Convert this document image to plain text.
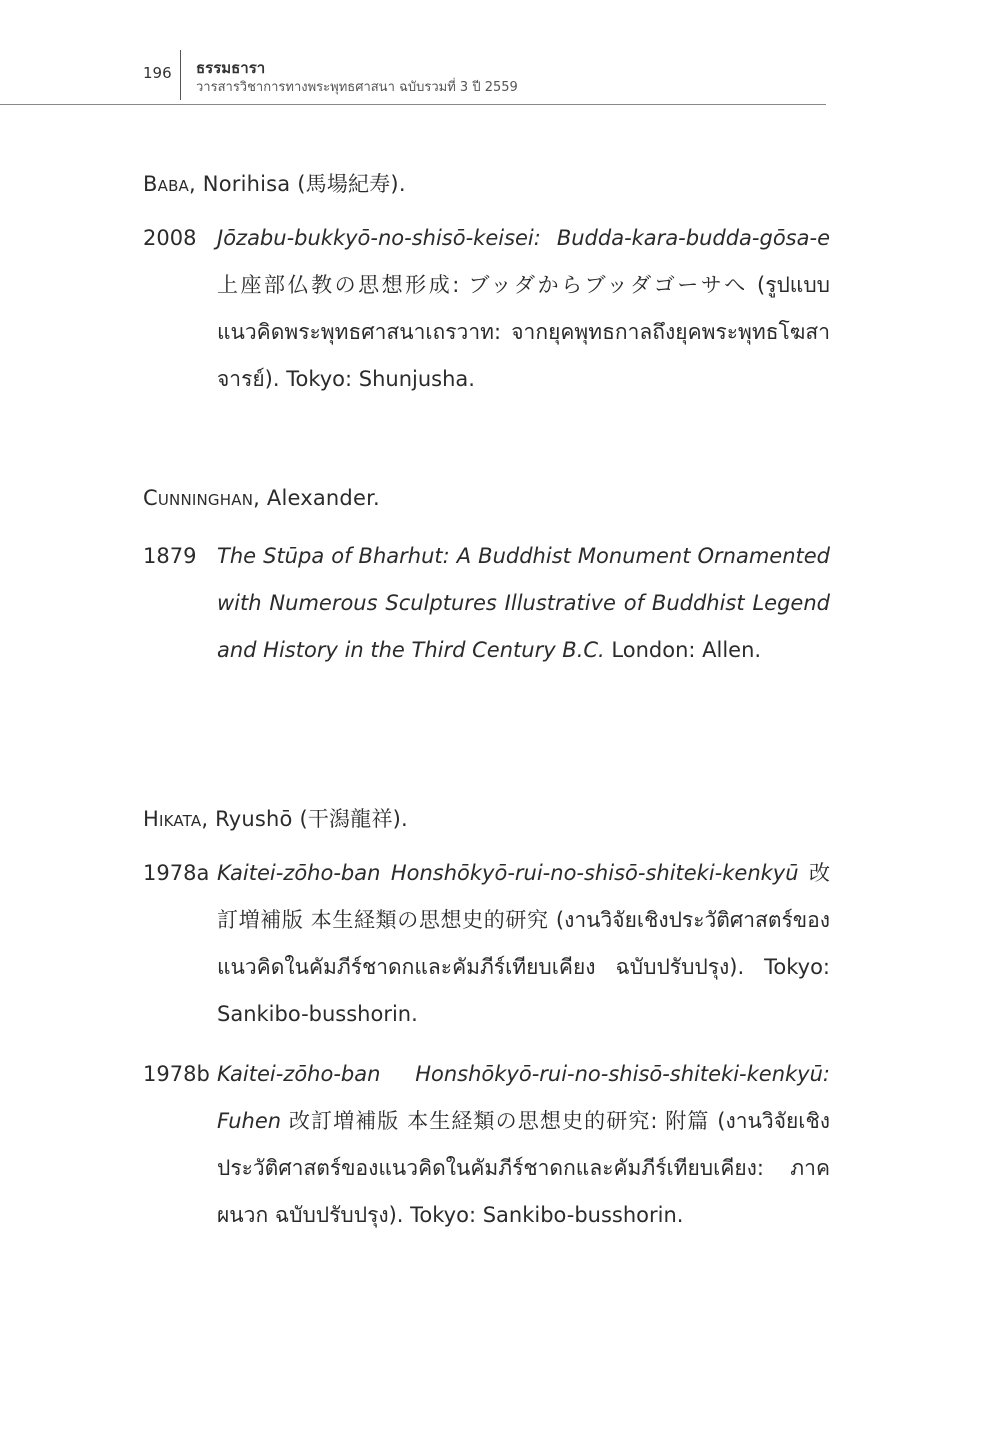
196 ธรรมธารา
วารสารวิชาการทางพระพุทธศาสนา ฉบับรวมที่ 3 ปี 2559
Baba, Norihisa (馬場紀寿).
2008 Jōzabu-bukkyō-no-shisō-keisei: Budda-kara-budda-gōsa-e 上座部仏教の思想形成: ブッダからブッダゴーサへ (รูปแบบแนวคิดพระพุทธศาสนาเถรวาท: จากยุคพุทธกาลถึงยุคพระพุทธโฆสาจารย์). Tokyo: Shunjusha.
Cunninghan, Alexander.
1879 The Stūpa of Bharhut: A Buddhist Monument Ornamented with Numerous Sculptures Illustrative of Buddhist Legend and History in the Third Century B.C. London: Allen.
Hikata, Ryushō (干潟龍祥).
1978a Kaitei-zōho-ban Honshōkyō-rui-no-shisō-shiteki-kenkyū 改訂増補版 本生経類の思想史的研究 (งานวิจัยเชิงประวัติศาสตร์ของแนวคิดในคัมภีร์ชาดกและคัมภีร์เทียบเคียง ฉบับปรับปรุง). Tokyo: Sankibo-busshorin.
1978b Kaitei-zōho-ban Honshōkyō-rui-no-shisō-shiteki-kenkyū: Fuhen 改訂増補版 本生経類の思想史的研究: 附篇 (งานวิจัยเชิงประวัติศาสตร์ของแนวคิดในคัมภีร์ชาดกและคัมภีร์เทียบเคียง: ภาคผนวก ฉบับปรับปรุง). Tokyo: Sankibo-busshorin.
